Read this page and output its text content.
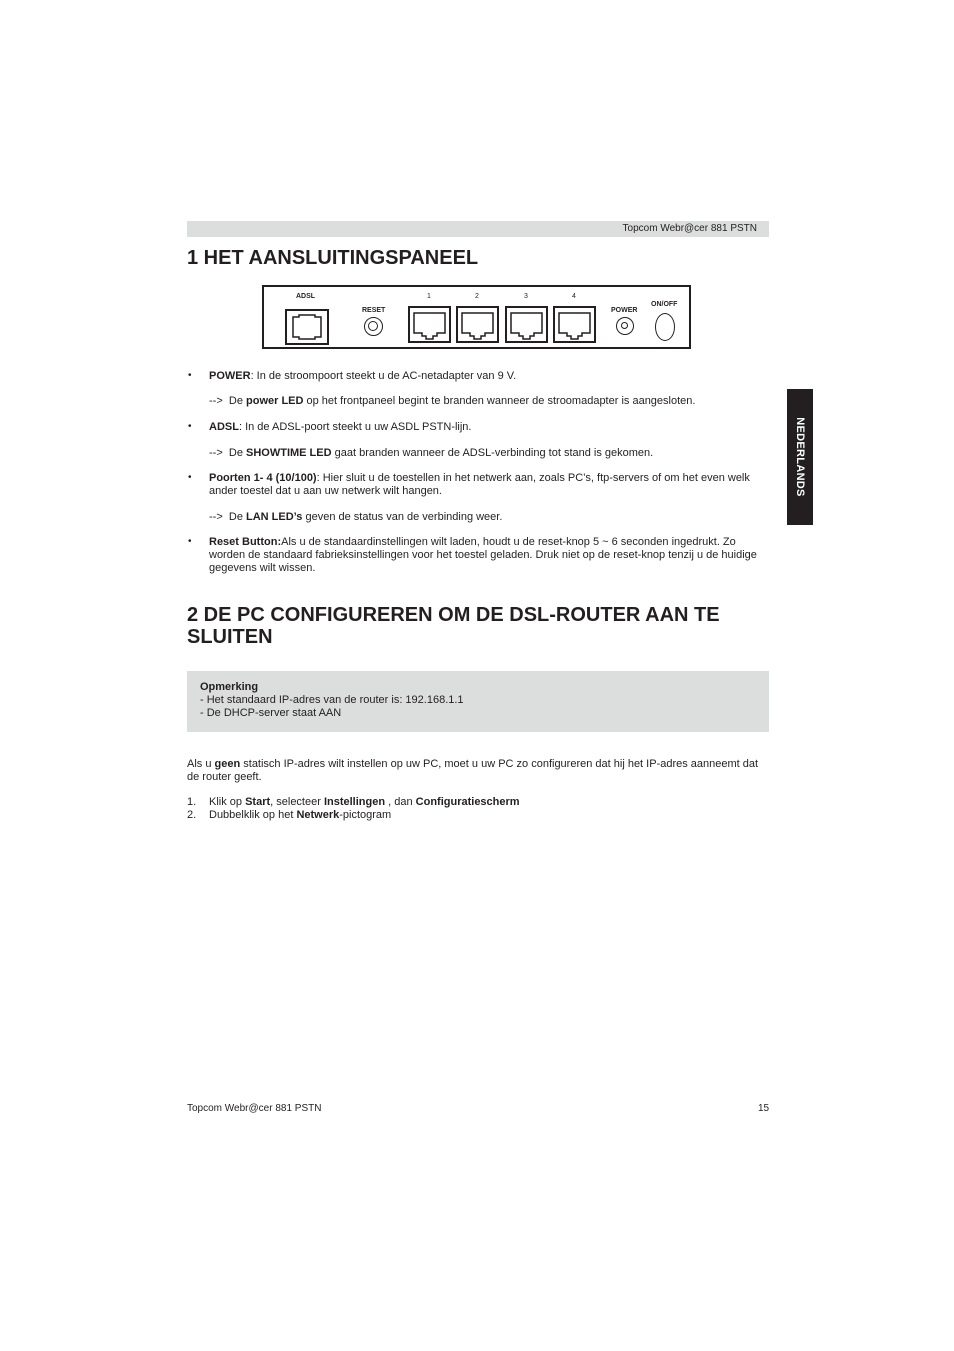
Topcom Webr@cer 881 PSTN
1 HET AANSLUITINGSPANEEL
ADSL
RESET
1	2	3	4
POWER
ON/OFF
• POWER: In de stroompoort steekt u de AC-netadapter van 9 V.
--> De power LED op het frontpaneel begint te branden wanneer de stroomadapter is aangesloten.
• ADSL: In de ADSL-poort steekt u uw ASDL PSTN-lijn.
--> De SHOWTIME LED gaat branden wanneer de ADSL-verbinding tot stand is gekomen.
• Poorten 1- 4 (10/100): Hier sluit u de toestellen in het netwerk aan, zoals PC’s, ftp-servers of om het even welk ander toestel dat u aan uw netwerk wilt hangen.
--> De LAN LED’s geven de status van de verbinding weer.
• Reset Button:Als u de standaardinstellingen wilt laden, houdt u de reset-knop 5 ~ 6 seconden ingedrukt. Zo worden de standaard fabrieksinstellingen voor het toestel geladen. Druk niet op de reset-knop tenzij u de huidige gegevens wilt wissen.
2 DE PC CONFIGUREREN OM DE DSL-ROUTER AAN TE SLUITEN
Opmerking
- Het standaard IP-adres van de router is: 192.168.1.1
- De DHCP-server staat AAN
Als u geen statisch IP-adres wilt instellen op uw PC, moet u uw PC zo configureren dat hij het IP-adres aanneemt dat de router geeft.
1. Klik op Start, selecteer Instellingen , dan Configuratiescherm
2. Dubbelklik op het Netwerk-pictogram
Topcom Webr@cer 881 PSTN	15
NEDERLANDS
